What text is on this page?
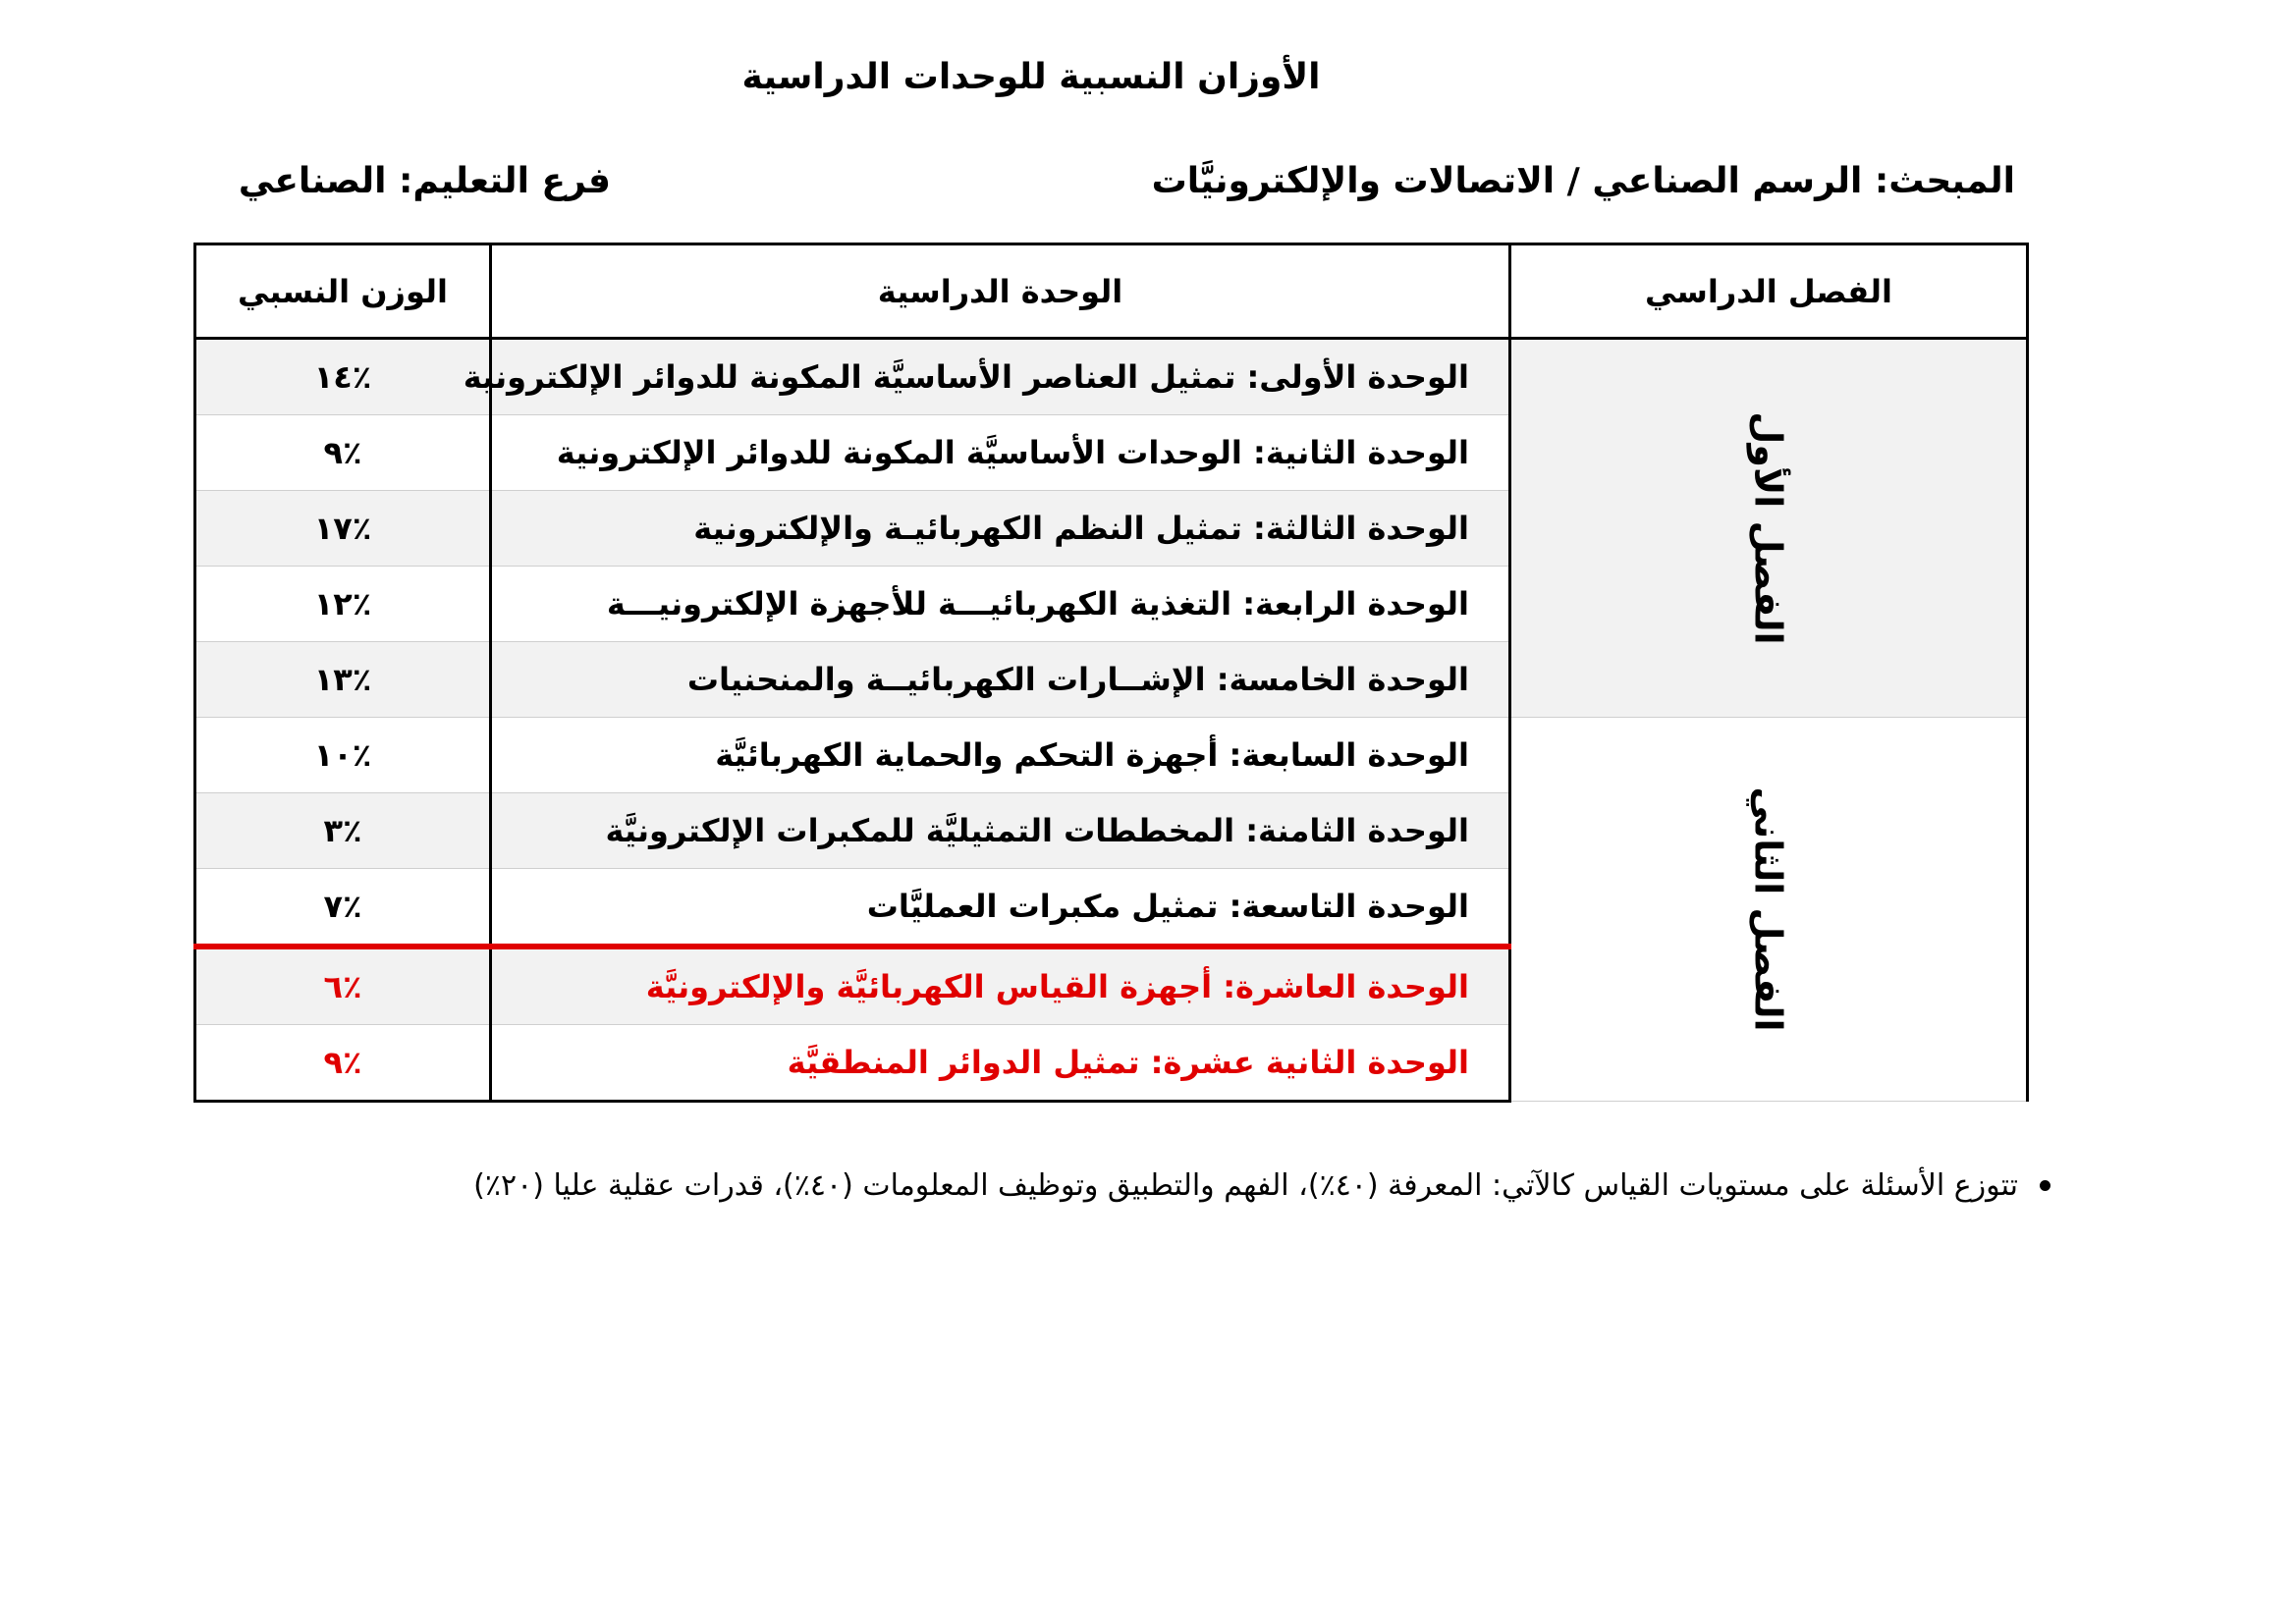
الأوزان النسبية للوحدات الدراسية
المبحث: الرسم الصناعي / الاتصالات والإلكترونيَّات
فرع التعليم: الصناعي
الفصل الدراسي	الوحدة الدراسية	الوزن النسبي
الفصل الأول	الوحدة الأولى: تمثيل العناصر الأساسيَّة المكونة للدوائر الإلكترونية	٪١٤
	الوحدة الثانية: الوحدات الأساسيَّة المكونة للدوائر الإلكترونية	٪٩
	الوحدة الثالثة: تمثيل النظم الكهربائيـة والإلكترونية	٪١٧
	الوحدة الرابعة: التغذية الكهربائيـــة للأجهزة الإلكترونيـــة	٪١٢
	الوحدة الخامسة: الإشــارات الكهربائيــة والمنحنيات	٪١٣
الفصل الثاني	الوحدة السابعة: أجهزة التحكم والحماية الكهربائيَّة	٪١٠
	الوحدة الثامنة: المخططات التمثيليَّة للمكبرات الإلكترونيَّة	٪٣
	الوحدة التاسعة: تمثيل مكبرات العمليَّات	٪٧
	الوحدة العاشرة: أجهزة القياس الكهربائيَّة والإلكترونيَّة	٪٦
	الوحدة الثانية عشرة: تمثيل الدوائر المنطقيَّة	٪٩
تتوزع الأسئلة على مستويات القياس كالآتي: المعرفة (٤٠٪)، الفهم والتطبيق وتوظيف المعلومات (٤٠٪)، قدرات عقلية عليا (٢٠٪)
